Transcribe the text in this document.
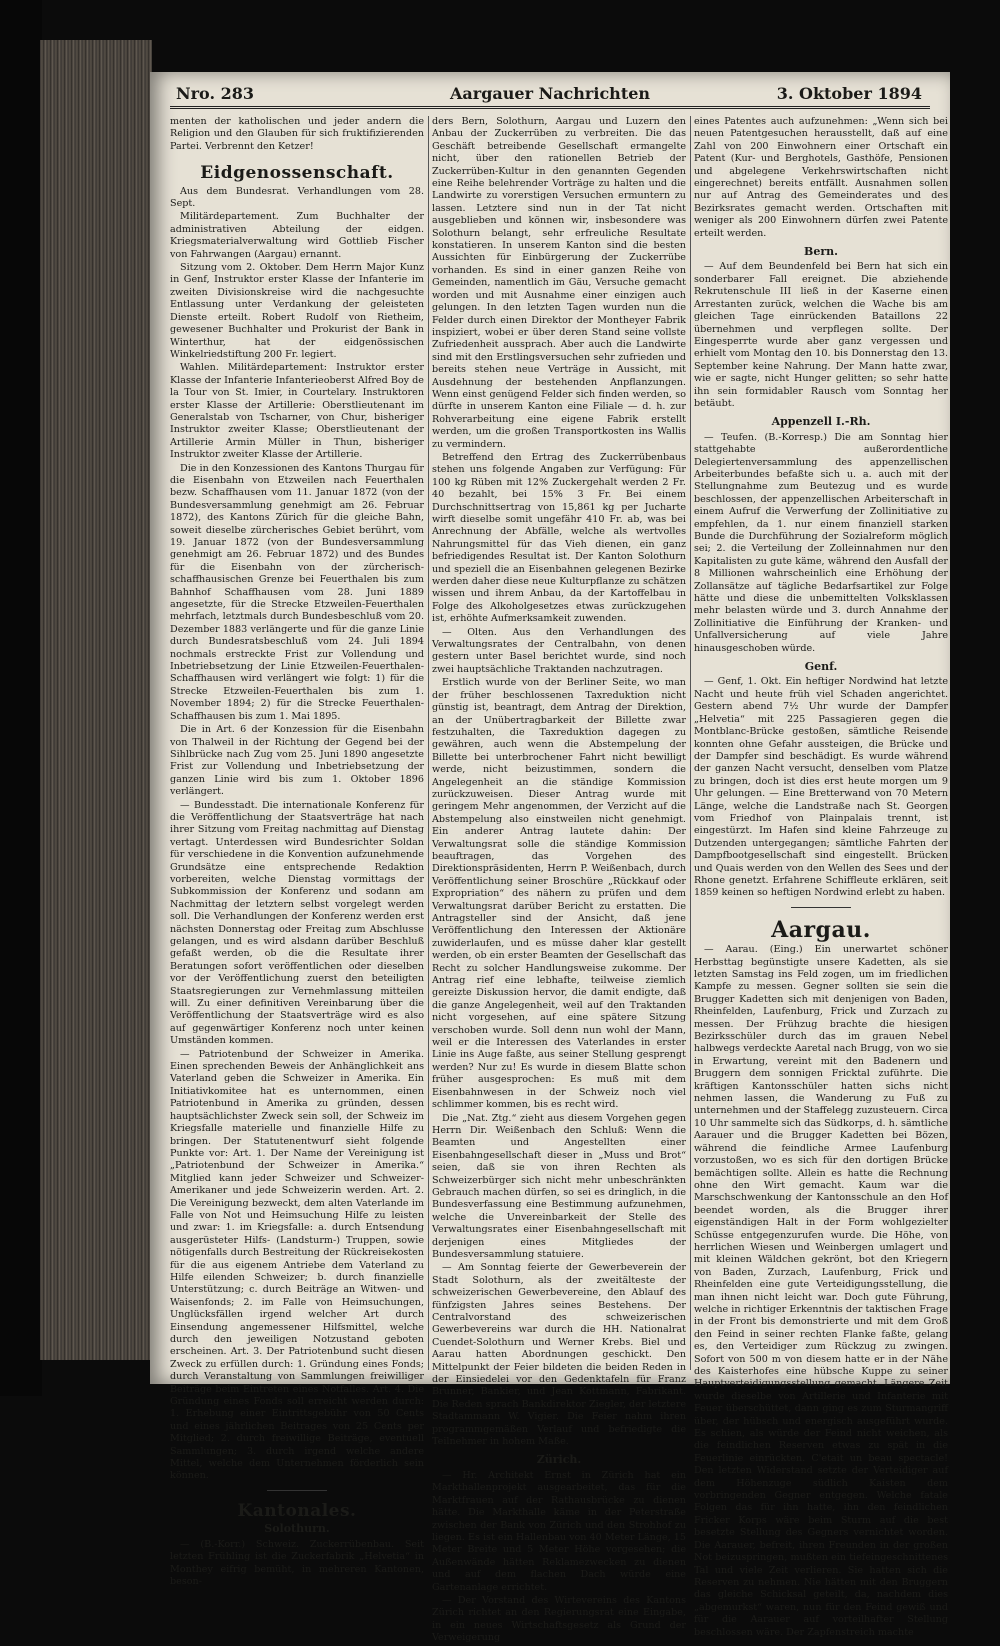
Nro. 283	Aargauer Nachrichten	3. Oktober 1894

menten der katholischen und jeder andern die Religion und den Glauben für sich fruktifizierenden Partei. Verbrennt den Ketzer!

Eidgenossenschaft.

Aus dem Bundesrat. Verhandlungen vom 28. Sept.

Militärdepartement. Zum Buchhalter der administrativen Abteilung der eidgen. Kriegsmaterialverwaltung wird Gottlieb Fischer von Fahrwangen (Aargau) ernannt.

Sitzung vom 2. Oktober. Dem Herrn Major Kunz in Genf, Instruktor erster Klasse der Infanterie im zweiten Divisionskreise wird die nachgesuchte Entlassung unter Verdankung der geleisteten Dienste erteilt. Robert Rudolf von Rietheim, gewesener Buchhalter und Prokurist der Bank in Winterthur, hat der eidgenössischen Winkelriedstiftung 200 Fr. legiert.

Wahlen. Militärdepartement: Instruktor erster Klasse der Infanterie Infanterieoberst Alfred Boy de la Tour von St. Imier, in Courtelary. Instruktoren erster Klasse der Artillerie: Oberstlieutenant im Generalstab von Tscharner, von Chur, bisheriger Instruktor zweiter Klasse; Oberstlieutenant der Artillerie Armin Müller in Thun, bisheriger Instruktor zweiter Klasse der Artillerie.

Die in den Konzessionen des Kantons Thurgau für die Eisenbahn von Etzweilen nach Feuerthalen bezw. Schaffhausen vom 11. Januar 1872 (von der Bundesversammlung genehmigt am 26. Februar 1872), des Kantons Zürich für die gleiche Bahn, soweit dieselbe zürcherisches Gebiet berührt, vom 19. Januar 1872 (von der Bundesversammlung genehmigt am 26. Februar 1872) und des Bundes für die Eisenbahn von der zürcherisch-schaffhausischen Grenze bei Feuerthalen bis zum Bahnhof Schaffhausen vom 28. Juni 1889 angesetzte, für die Strecke Etzweilen-Feuerthalen mehrfach, letztmals durch Bundesbeschluß vom 20. Dezember 1883 verlängerte und für die ganze Linie durch Bundesratsbeschluß vom 24. Juli 1894 nochmals erstreckte Frist zur Vollendung und Inbetriebsetzung der Linie Etzweilen-Feuerthalen-Schaffhausen wird verlängert wie folgt: 1) für die Strecke Etzweilen-Feuerthalen bis zum 1. November 1894; 2) für die Strecke Feuerthalen-Schaffhausen bis zum 1. Mai 1895.

Die in Art. 6 der Konzession für die Eisenbahn von Thalweil in der Richtung der Gegend bei der Sihlbrücke nach Zug vom 25. Juni 1890 angesetzte Frist zur Vollendung und Inbetriebsetzung der ganzen Linie wird bis zum 1. Oktober 1896 verlängert.

— Bundesstadt. Die internationale Konferenz für die Veröffentlichung der Staatsverträge hat nach ihrer Sitzung vom Freitag nachmittag auf Dienstag vertagt. Unterdessen wird Bundesrichter Soldan für verschiedene in die Konvention aufzunehmende Grundsätze eine entsprechende Redaktion vorbereiten, welche Dienstag vormittags der Subkommission der Konferenz und sodann am Nachmittag der letztern selbst vorgelegt werden soll. Die Verhandlungen der Konferenz werden erst nächsten Donnerstag oder Freitag zum Abschlusse gelangen, und es wird alsdann darüber Beschluß gefaßt werden, ob die die Resultate ihrer Beratungen sofort veröffentlichen oder dieselben vor der Veröffentlichung zuerst den beteiligten Staatsregierungen zur Vernehmlassung mitteilen will. Zu einer definitiven Vereinbarung über die Veröffentlichung der Staatsverträge wird es also auf gegenwärtiger Konferenz noch unter keinen Umständen kommen.

— Patriotenbund der Schweizer in Amerika. Einen sprechenden Beweis der Anhänglichkeit ans Vaterland geben die Schweizer in Amerika. Ein Initiativkomitee hat es unternommen, einen Patriotenbund in Amerika zu gründen, dessen hauptsächlichster Zweck sein soll, der Schweiz im Kriegsfalle materielle und finanzielle Hilfe zu bringen. Der Statutenentwurf sieht folgende Punkte vor: Art. 1. Der Name der Vereinigung ist „Patriotenbund der Schweizer in Amerika.“ Mitglied kann jeder Schweizer und Schweizer-Amerikaner und jede Schweizerin werden. Art. 2. Die Vereinigung bezweckt, dem alten Vaterlande im Falle von Not und Heimsuchung Hilfe zu leisten und zwar: 1. im Kriegsfalle: a. durch Entsendung ausgerüsteter Hilfs- (Landsturm-) Truppen, sowie nötigenfalls durch Bestreitung der Rückreisekosten für die aus eigenem Antriebe dem Vaterland zu Hilfe eilenden Schweizer; b. durch finanzielle Unterstützung; c. durch Beiträge an Witwen- und Waisenfonds; 2. im Falle von Heimsuchungen, Unglücksfällen irgend welcher Art durch Einsendung angemessener Hilfsmittel, welche durch den jeweiligen Notzustand geboten erscheinen. Art. 3. Der Patriotenbund sucht diesen Zweck zu erfüllen durch: 1. Gründung eines Fonds; durch Veranstaltung von Sammlungen freiwilliger Beiträge beim Eintreten eines Notfalles. Art. 4. Die Gründung eines Fonds soll erreicht werden durch: 1. Erhebung einer Eintrittsgebühr von 50 Cents und eines jährlichen Beitrages von 25 Cents per Mitglied; 2. durch freiwillige Beiträge, eventuell Sammlungen; 3. durch irgend welche andere Mittel, welche dem Unternehmen förderlich sein können.

Kantonales.
Solothurn.

— (B.-Korr.) Schweiz. Zuckerrübenbau. Seit letzten Frühling ist die Zuckerfabrik „Helvetia“ in Monthey eifrig bemüht, in mehreren Kantonen, beson-

ders Bern, Solothurn, Aargau und Luzern den Anbau der Zuckerrüben zu verbreiten. Die das Geschäft betreibende Gesellschaft ermangelte nicht, über den rationellen Betrieb der Zuckerrüben-Kultur in den genannten Gegenden eine Reihe belehrender Vorträge zu halten und die Landwirte zu vorerstigen Versuchen ermuntern zu lassen. Letztere sind nun in der Tat nicht ausgeblieben und können wir, insbesondere was Solothurn belangt, sehr erfreuliche Resultate konstatieren. In unserem Kanton sind die besten Aussichten für Einbürgerung der Zuckerrübe vorhanden. Es sind in einer ganzen Reihe von Gemeinden, namentlich im Gäu, Versuche gemacht worden und mit Ausnahme einer einzigen auch gelungen. In den letzten Tagen wurden nun die Felder durch einen Direktor der Montheyer Fabrik inspiziert, wobei er über deren Stand seine vollste Zufriedenheit aussprach. Aber auch die Landwirte sind mit den Erstlingsversuchen sehr zufrieden und bereits stehen neue Verträge in Aussicht, mit Ausdehnung der bestehenden Anpflanzungen. Wenn einst genügend Felder sich finden werden, so dürfte in unserem Kanton eine Filiale — d. h. zur Rohverarbeitung eine eigene Fabrik erstellt werden, um die großen Transportkosten ins Wallis zu vermindern.

Betreffend den Ertrag des Zuckerrübenbaus stehen uns folgende Angaben zur Verfügung: Für 100 kg Rüben mit 12% Zuckergehalt werden 2 Fr. 40 bezahlt, bei 15% 3 Fr. Bei einem Durchschnittsertrag von 15,861 kg per Jucharte wirft dieselbe somit ungefähr 410 Fr. ab, was bei Anrechnung der Abfälle, welche als wertvolles Nahrungsmittel für das Vieh dienen, ein ganz befriedigendes Resultat ist. Der Kanton Solothurn und speziell die an Eisenbahnen gelegenen Bezirke werden daher diese neue Kulturpflanze zu schätzen wissen und ihrem Anbau, da der Kartoffelbau in Folge des Alkoholgesetzes etwas zurückzugehen ist, erhöhte Aufmerksamkeit zuwenden.

— Olten. Aus den Verhandlungen des Verwaltungsrates der Centralbahn, von denen gestern unter Basel berichtet wurde, sind noch zwei hauptsächliche Traktanden nachzutragen.

Erstlich wurde von der Berliner Seite, wo man der früher beschlossenen Taxreduktion nicht günstig ist, beantragt, dem Antrag der Direktion, an der Unübertragbarkeit der Billette zwar festzuhalten, die Taxreduktion dagegen zu gewähren, auch wenn die Abstempelung der Billette bei unterbrochener Fahrt nicht bewilligt werde, nicht beizustimmen, sondern die Angelegenheit an die ständige Kommission zurückzuweisen. Dieser Antrag wurde mit geringem Mehr angenommen, der Verzicht auf die Abstempelung also einstweilen nicht genehmigt. Ein anderer Antrag lautete dahin: Der Verwaltungsrat solle die ständige Kommission beauftragen, das Vorgehen des Direktionspräsidenten, Herrn P. Weißenbach, durch Veröffentlichung seiner Broschüre „Rückkauf oder Expropriation“ des nähern zu prüfen und dem Verwaltungsrat darüber Bericht zu erstatten. Die Antragsteller sind der Ansicht, daß jene Veröffentlichung den Interessen der Aktionäre zuwiderlaufen, und es müsse daher klar gestellt werden, ob ein erster Beamten der Gesellschaft das Recht zu solcher Handlungsweise zukomme. Der Antrag rief eine lebhafte, teilweise ziemlich gereizte Diskussion hervor, die damit endigte, daß die ganze Angelegenheit, weil auf den Traktanden nicht vorgesehen, auf eine spätere Sitzung verschoben wurde. Soll denn nun wohl der Mann, weil er die Interessen des Vaterlandes in erster Linie ins Auge faßte, aus seiner Stellung gesprengt werden? Nur zu! Es wurde in diesem Blatte schon früher ausgesprochen: Es muß mit dem Eisenbahnwesen in der Schweiz noch viel schlimmer kommen, bis es recht wird.

Die „Nat. Ztg.“ zieht aus diesem Vorgehen gegen Herrn Dir. Weißenbach den Schluß: Wenn die Beamten und Angestellten einer Eisenbahngesellschaft dieser in „Muss und Brot“ seien, daß sie von ihren Rechten als Schweizerbürger sich nicht mehr unbeschränkten Gebrauch machen dürfen, so sei es dringlich, in die Bundesverfassung eine Bestimmung aufzunehmen, welche die Unvereinbarkeit der Stelle des Verwaltungsrates einer Eisenbahngesellschaft mit derjenigen eines Mitgliedes der Bundesversammlung statuiere.

— Am Sonntag feierte der Gewerbeverein der Stadt Solothurn, als der zweitälteste der schweizerischen Gewerbevereine, den Ablauf des fünfzigsten Jahres seines Bestehens. Der Centralvorstand des schweizerischen Gewerbevereins war durch die HH. Nationalrat Cuendet-Solothurn und Werner Krebs. Biel und Aarau hatten Abordnungen geschickt. Den Mittelpunkt der Feier bildeten die beiden Reden in der Einsiedelei vor den Gedenktafeln für Franz Brunner, Bankier, und Jean Kottmann, Fabrikant. Die Reden sprach Bankdirektor Ziegler, der letztere Stadtammann W. Vigier. Die Feier nahm ihren programmgemäßen Verlauf und befriedigte die Teilnehmer in hohem Maße.

Zürich.

— Hr. Architekt Ernst in Zürich hat ein Markthallenprojekt ausgearbeitet, das für die Marktfrauen auf der Rathausbrücke zu dienen hätte. Die Markthalle käme in der Peterstraße zwischen der Bank von Zürich und den Strohhof zu liegen. Es ist ein Hallenbau von 40 Meter Länge, 15 Meter Breite und 5 Meter Höhe vorgesehen; die Außenwände hätten Reklamezwecken zu dienen und auf dem flachen Dach würde eine Gartenanlage errichtet.

— Der Vorstand des Wirtevereins des Kantons Zürich richtet an den Regierungsrat eine Eingabe, in ein neues Wirtschaftsgesetz als Grund der Verweigerung

eines Patentes auch aufzunehmen: „Wenn sich bei neuen Patentgesuchen herausstellt, daß auf eine Zahl von 200 Einwohnern einer Ortschaft ein Patent (Kur- und Berghotels, Gasthöfe, Pensionen und abgelegene Verkehrswirtschaften nicht eingerechnet) bereits entfällt. Ausnahmen sollen nur auf Antrag des Gemeinderates und des Bezirksrates gemacht werden. Ortschaften mit weniger als 200 Einwohnern dürfen zwei Patente erteilt werden.

Bern.

— Auf dem Beundenfeld bei Bern hat sich ein sonderbarer Fall ereignet. Die abziehende Rekrutenschule III ließ in der Kaserne einen Arrestanten zurück, welchen die Wache bis am gleichen Tage einrückenden Bataillons 22 übernehmen und verpflegen sollte. Der Eingesperrte wurde aber ganz vergessen und erhielt vom Montag den 10. bis Donnerstag den 13. September keine Nahrung. Der Mann hatte zwar, wie er sagte, nicht Hunger gelitten; so sehr hatte ihn sein formidabler Rausch vom Sonntag her betäubt.

Appenzell I.-Rh.

— Teufen. (B.-Korresp.) Die am Sonntag hier stattgehabte außerordentliche Delegiertenversammlung des appenzellischen Arbeiterbundes befaßte sich u. a. auch mit der Stellungnahme zum Beutezug und es wurde beschlossen, der appenzellischen Arbeiterschaft in einem Aufruf die Verwerfung der Zollinitiative zu empfehlen, da 1. nur einem finanziell starken Bunde die Durchführung der Sozialreform möglich sei; 2. die Verteilung der Zolleinnahmen nur den Kapitalisten zu gute käme, während den Ausfall der 8 Millionen wahrscheinlich eine Erhöhung der Zollansätze auf tägliche Bedarfsartikel zur Folge hätte und diese die unbemittelten Volksklassen mehr belasten würde und 3. durch Annahme der Zollinitiative die Einführung der Kranken- und Unfallversicherung auf viele Jahre hinausgeschoben würde.

Genf.

— Genf, 1. Okt. Ein heftiger Nordwind hat letzte Nacht und heute früh viel Schaden angerichtet. Gestern abend 7½ Uhr wurde der Dampfer „Helvetia“ mit 225 Passagieren gegen die Montblanc-Brücke gestoßen, sämtliche Reisende konnten ohne Gefahr aussteigen, die Brücke und der Dampfer sind beschädigt. Es wurde während der ganzen Nacht versucht, denselben vom Platze zu bringen, doch ist dies erst heute morgen um 9 Uhr gelungen. — Eine Bretterwand von 70 Metern Länge, welche die Landstraße nach St. Georgen vom Friedhof von Plainpalais trennt, ist eingestürzt. Im Hafen sind kleine Fahrzeuge zu Dutzenden untergegangen; sämtliche Fahrten der Dampfbootgesellschaft sind eingestellt. Brücken und Quais werden von den Wellen des Sees und der Rhone genetzt. Erfahrene Schiffleute erklären, seit 1859 keinen so heftigen Nordwind erlebt zu haben.

Aargau.

— Aarau. (Eing.) Ein unerwartet schöner Herbsttag begünstigte unsere Kadetten, als sie letzten Samstag ins Feld zogen, um im friedlichen Kampfe zu messen. Gegner sollten sie sein die Brugger Kadetten sich mit denjenigen von Baden, Rheinfelden, Laufenburg, Frick und Zurzach zu messen. Der Frühzug brachte die hiesigen Bezirksschüler durch das im grauen Nebel halbwegs verdeckte Aaretal nach Brugg, von wo sie in Erwartung, vereint mit den Badenern und Bruggern dem sonnigen Fricktal zuführte. Die kräftigen Kantonsschüler hatten sichs nicht nehmen lassen, die Wanderung zu Fuß zu unternehmen und der Staffelegg zuzusteuern. Circa 10 Uhr sammelte sich das Südkorps, d. h. sämtliche Aarauer und die Brugger Kadetten bei Bözen, während die feindliche Armee Laufenburg vorzustoßen, wo es sich für den dortigen Brücke bemächtigen sollte. Allein es hatte die Rechnung ohne den Wirt gemacht. Kaum war die Marschschwenkung der Kantonsschule an den Hof beendet worden, als die Brugger ihrer eigenständigen Halt in der Form wohlgezielter Schüsse entgegenzurufen wurde. Die Höhe, von herrlichen Wiesen und Weinbergen umlagert und mit kleinen Wäldchen gekrönt, bot den Kriegern von Baden, Zurzach, Laufenburg, Frick und Rheinfelden eine gute Verteidigungsstellung, die man ihnen nicht leicht war. Doch gute Führung, welche in richtiger Erkenntnis der taktischen Frage in der Front bis demonstrierte und mit dem Groß den Feind in seiner rechten Flanke faßte, gelang es, den Verteidiger zum Rückzug zu zwingen. Sofort von 500 m von diesem hatte er in der Nähe des Kaisterhofes eine hübsche Kuppe zu seiner Hauptverteidigungsstellung gemacht. Längere Zeit wurde dieselbe von Artillerie und Infanterie mit Feuer überschüttet, dann ging es zum Sturmangriff über, der hübsch und energisch ausgeführt wurde. Es schien, als würde der Feind nicht weichen, als die feindlichen Reserven etwas zu spät in die Feuerlinie einrückten. C'etait un beau spectacle! Den letzten Widerstand setzte der Verteidiger auf dem Höhenzuge südlich Kaisten dem vorbringenden Gegner entgegen. Welche fatale Folgen das für ihn hatte, ihn den feindlichen Fricker Korps wäre beim Sturm auf die best besetzte Stellung des Gegners vernichtet worden. Die Aarauer, befreit, ihren Freunden in der großen Not beizuspringen, mußten ein tiefeingeschnittenes Tal und viele Zeit verlieren. Sie hatten sich die Reserven zu nehmen. Nie hätten mit den Bruggern das gleiche Schicksal geteilt, da, nachdem dies „abgemurkst“ waren, nun für den Feind gewiß und für die Aarauer auf vorteilhafter Stellung beschlossen wäre. Der Zapfenstreich machte
